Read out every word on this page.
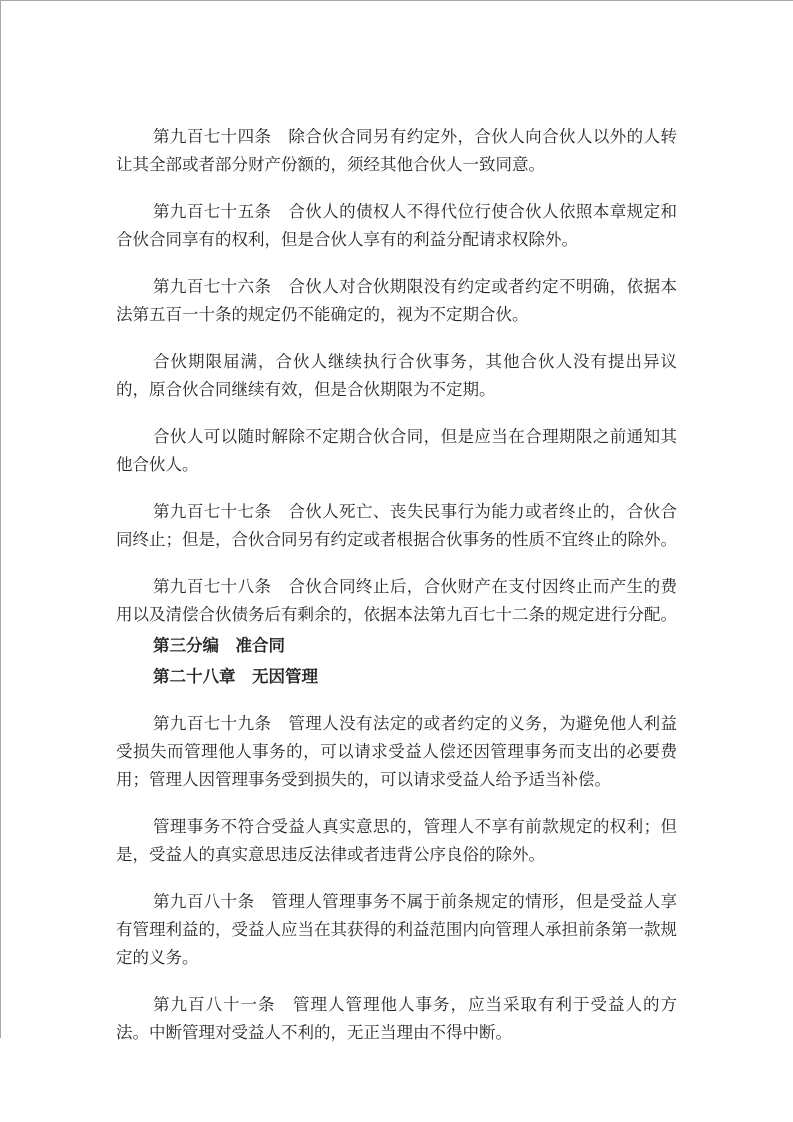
第九百七十四条　除合伙合同另有约定外，合伙人向合伙人以外的人转让其全部或者部分财产份额的，须经其他合伙人一致同意。

第九百七十五条　合伙人的债权人不得代位行使合伙人依照本章规定和合伙合同享有的权利，但是合伙人享有的利益分配请求权除外。

第九百七十六条　合伙人对合伙期限没有约定或者约定不明确，依据本法第五百一十条的规定仍不能确定的，视为不定期合伙。

合伙期限届满，合伙人继续执行合伙事务，其他合伙人没有提出异议的，原合伙合同继续有效，但是合伙期限为不定期。

合伙人可以随时解除不定期合伙合同，但是应当在合理期限之前通知其他合伙人。

第九百七十七条　合伙人死亡、丧失民事行为能力或者终止的，合伙合同终止；但是，合伙合同另有约定或者根据合伙事务的性质不宜终止的除外。

第九百七十八条　合伙合同终止后，合伙财产在支付因终止而产生的费用以及清偿合伙债务后有剩余的，依据本法第九百七十二条的规定进行分配。

第三分编　准合同

第二十八章　无因管理

第九百七十九条　管理人没有法定的或者约定的义务，为避免他人利益受损失而管理他人事务的，可以请求受益人偿还因管理事务而支出的必要费用；管理人因管理事务受到损失的，可以请求受益人给予适当补偿。

管理事务不符合受益人真实意思的，管理人不享有前款规定的权利；但是，受益人的真实意思违反法律或者违背公序良俗的除外。

第九百八十条　管理人管理事务不属于前条规定的情形，但是受益人享有管理利益的，受益人应当在其获得的利益范围内向管理人承担前条第一款规定的义务。

第九百八十一条　管理人管理他人事务，应当采取有利于受益人的方法。中断管理对受益人不利的，无正当理由不得中断。
